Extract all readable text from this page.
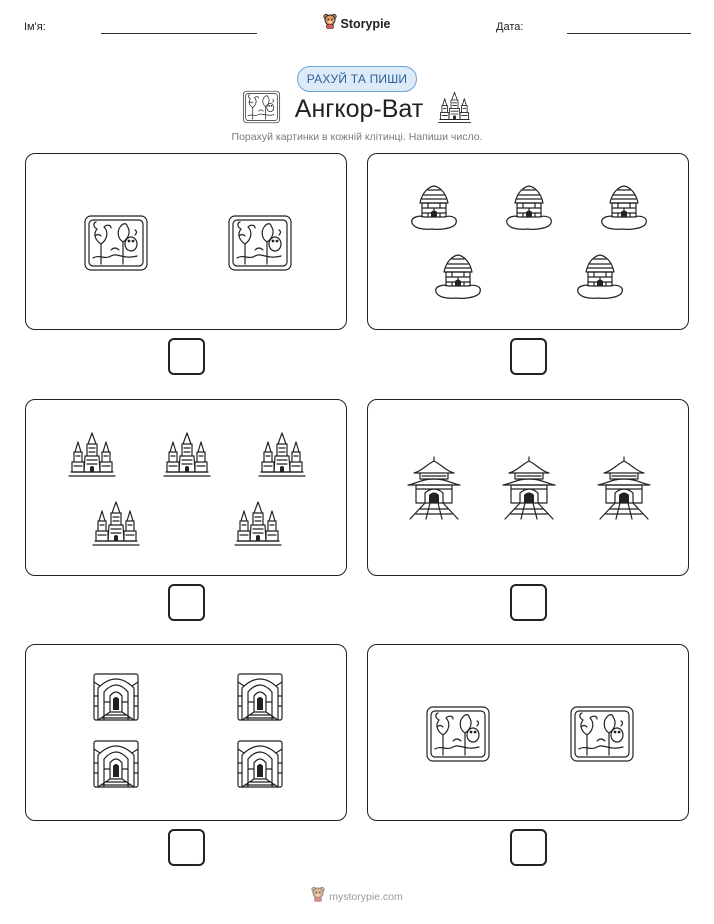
Ім'я:	Storypie	Дата:
РАХУЙ ТА ПИШИ
Ангкор-Ват
Порахуй картинки в кожній клітинці. Напиши число.
mystorypie.com
